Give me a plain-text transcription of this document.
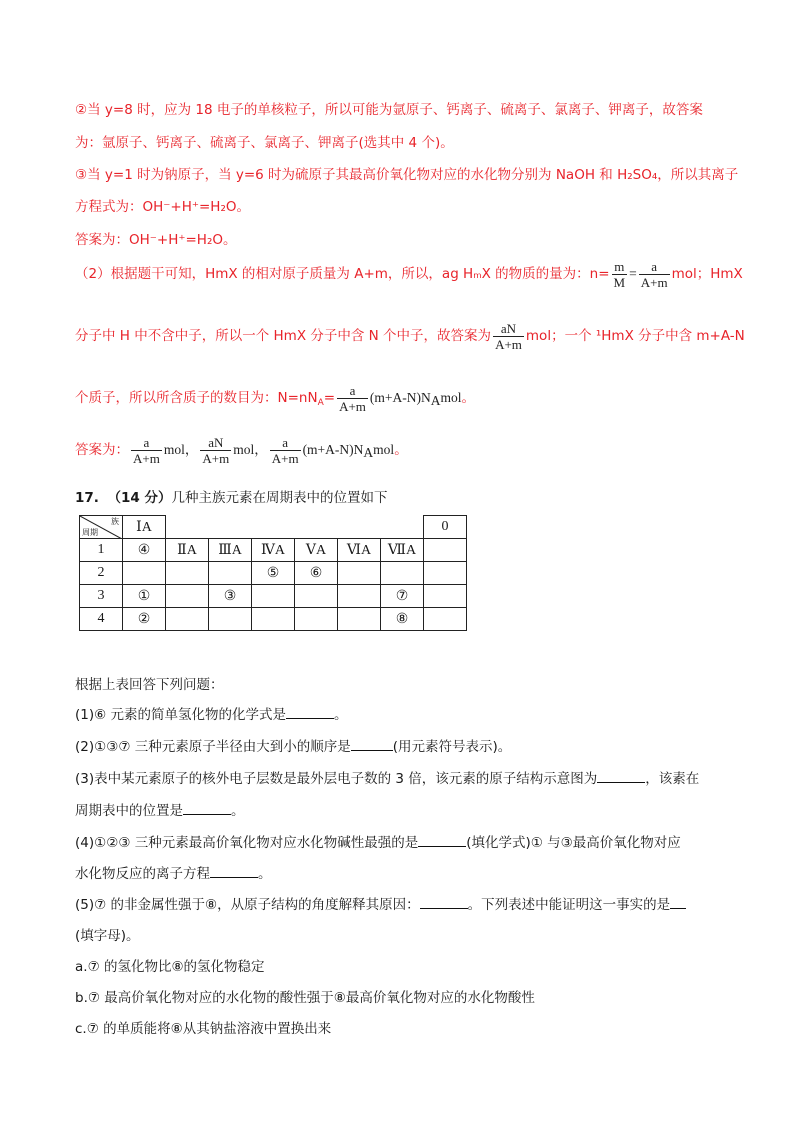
②当 y=8 时，应为 18 电子的单核粒子，所以可能为氩原子、钙离子、硫离子、氯离子、钾离子，故答案
为：氩原子、钙离子、硫离子、氯离子、钾离子(选其中 4 个)。
③当 y=1 时为钠原子，当 y=6 时为硫原子其最高价氧化物对应的水化物分别为 NaOH 和 H₂SO₄，所以其离子
方程式为：OH⁻+H⁺=H₂O。
答案为：OH⁻+H⁺=H₂O。
（2）根据题干可知，HmX 的相对原子质量为 A+m，所以，ag HₘX 的物质的量为：$n= \frac{m}{M} = \frac{a}{A+m}$ mol；HmX
分子中 H 中不含中子，所以一个 HmX 分子中含 N 个中子，故答案为 $\frac{aN}{A+m}$ mol；一个 ¹HmX 分子中含 m+A-N
个质子，所以所含质子的数目为：$N=nN_A= \frac{a}{A+m} (m+A-N)N_Amol$。
答案为： $\frac{a}{A+m}$ mol， $\frac{aN}{A+m}$ mol， $\frac{a}{A+m} (m+A-N)N_Amol$。
17. （14 分）几种主族元素在周期表中的位置如下
族
周期	ⅠA							0
1	④	ⅡA	ⅢA	ⅣA	ⅤA	ⅥA	ⅦA	
2				⑤	⑥			
3	①		③				⑦	
4	②						⑧	
根据上表回答下列问题：
(1)⑥ 元素的简单氢化物的化学式是	。
(2)①③⑦ 三种元素原子半径由大到小的顺序是	(用元素符号表示)。
(3)表中某元素原子的核外电子层数是最外层电子数的 3 倍，该元素的原子结构示意图为	，该素在
周期表中的位置是	。
(4)①②③ 三种元素最高价氧化物对应水化物碱性最强的是	(填化学式)① 与③最高价氧化物对应
水化物反应的离子方程	。
(5)⑦ 的非金属性强于⑧，从原子结构的角度解释其原因：	。下列表述中能证明这一事实的是
(填字母)。
a.⑦ 的氢化物比⑧的氢化物稳定
b.⑦ 最高价氧化物对应的水化物的酸性强于⑧最高价氧化物对应的水化物酸性
c.⑦ 的单质能将⑧从其钠盐溶液中置换出来
